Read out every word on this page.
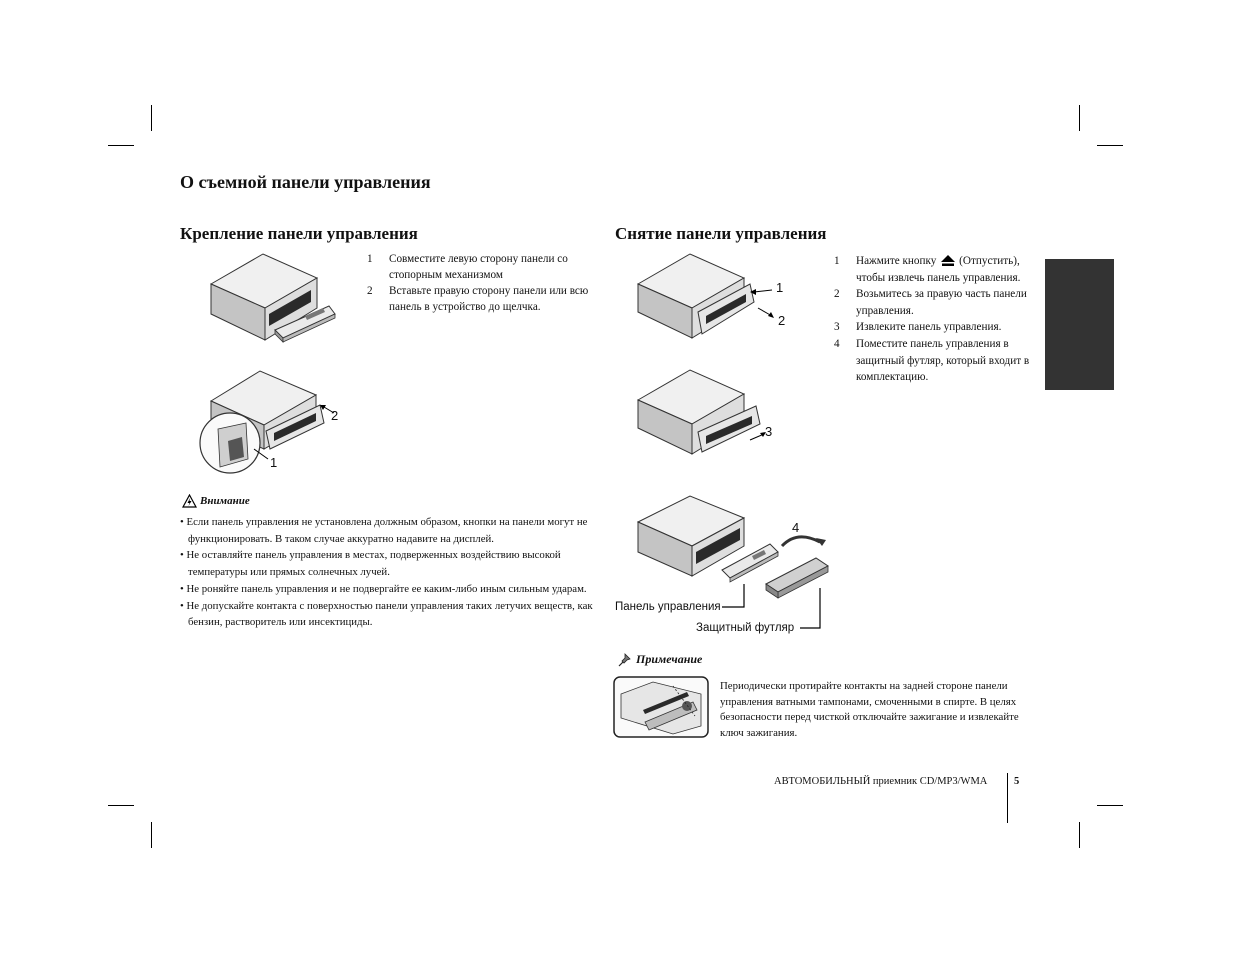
О съемной панели управления
Крепление панели управления
1	Совместите левую сторону панели со стопорным механизмом
2	Вставьте правую сторону панели или всю панель в устройство до щелчка.
2
1
Внимание
• Если панель управления не установлена должным образом, кнопки на панели могут не функционировать. В таком случае аккуратно надавите на дисплей.
• Не оставляйте панель управления в местах, подверженных воздействию высокой температуры или прямых солнечных лучей.
• Не роняйте панель управления и не подвергайте ее каким-либо иным сильным ударам.
• Не допускайте контакта с поверхностью панели управления таких летучих веществ, как бензин, растворитель или инсектициды.
Снятие панели управления
1	Нажмите кнопку (Отпустить), чтобы извлечь панель управления.
2	Возьмитесь за правую часть панели управления.
3	Извлеките панель управления.
4	Поместите панель управления в защитный футляр, который входит в комплектацию.
1
2
3
4
Панель управления
Защитный футляр
Примечание

Периодически протирайте контакты на задней стороне панели управления ватными тампонами, смоченными в спирте. В целях безопасности перед чисткой отключайте зажигание и извлекайте ключ зажигания.

АВТОМОБИЛЬНЫЙ приемник CD/MP3/WMA	5
